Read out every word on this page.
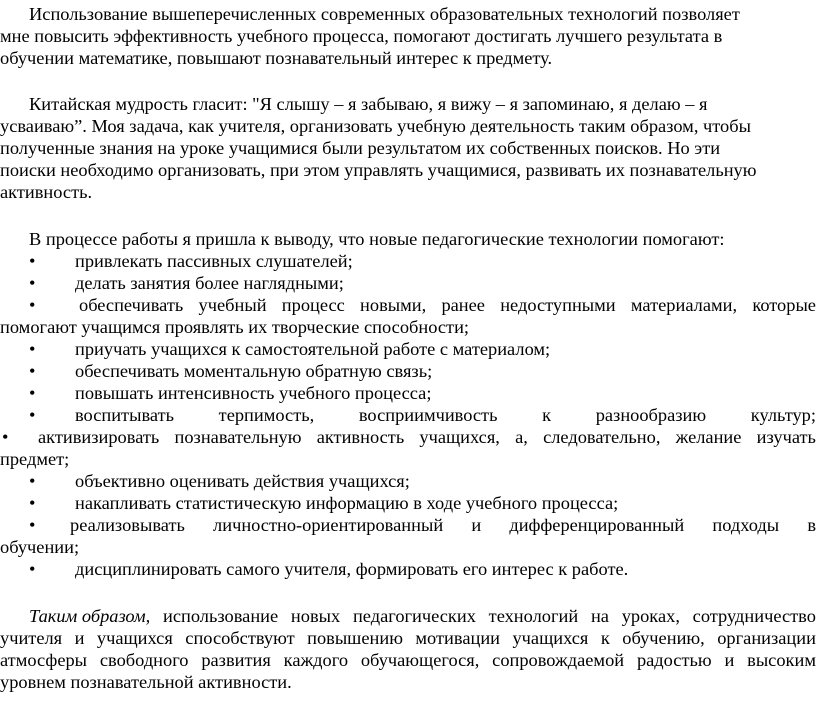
Использование вышеперечисленных современных образовательных технологий позволяет
мне повысить эффективность учебного процесса, помогают достигать лучшего результата в
обучении математике, повышают познавательный интерес к предмету.
Китайская мудрость гласит: "Я слышу – я забываю, я вижу – я запоминаю, я делаю – я
усваиваю”. Моя задача, как учителя, организовать учебную деятельность таким образом, чтобы
полученные знания на уроке учащимися были результатом их собственных поисков. Но эти
поиски необходимо организовать, при этом управлять учащимися, развивать их познавательную
активность.
В процессе работы я пришла к выводу, что новые педагогические технологии помогают:
• привлекать пассивных слушателей;
• делать занятия более наглядными;
• обеспечивать учебный процесс новыми, ранее недоступными материалами, которые
помогают учащимся проявлять их творческие способности;
• приучать учащихся к самостоятельной работе с материалом;
• обеспечивать моментальную обратную связь;
• повышать интенсивность учебного процесса;
• воспитывать терпимость, восприимчивость к разнообразию культур;
• активизировать познавательную активность учащихся, а, следовательно, желание изучать
предмет;
• объективно оценивать действия учащихся;
• накапливать статистическую информацию в ходе учебного процесса;
• реализовывать личностно-ориентированный и дифференцированный подходы в
обучении;
• дисциплинировать самого учителя, формировать его интерес к работе.
Таким образом, использование новых педагогических технологий на уроках, сотрудничество
учителя и учащихся способствуют повышению мотивации учащихся к обучению, организации
атмосферы свободного развития каждого обучающегося, сопровождаемой радостью и высоким
уровнем познавательной активности.
